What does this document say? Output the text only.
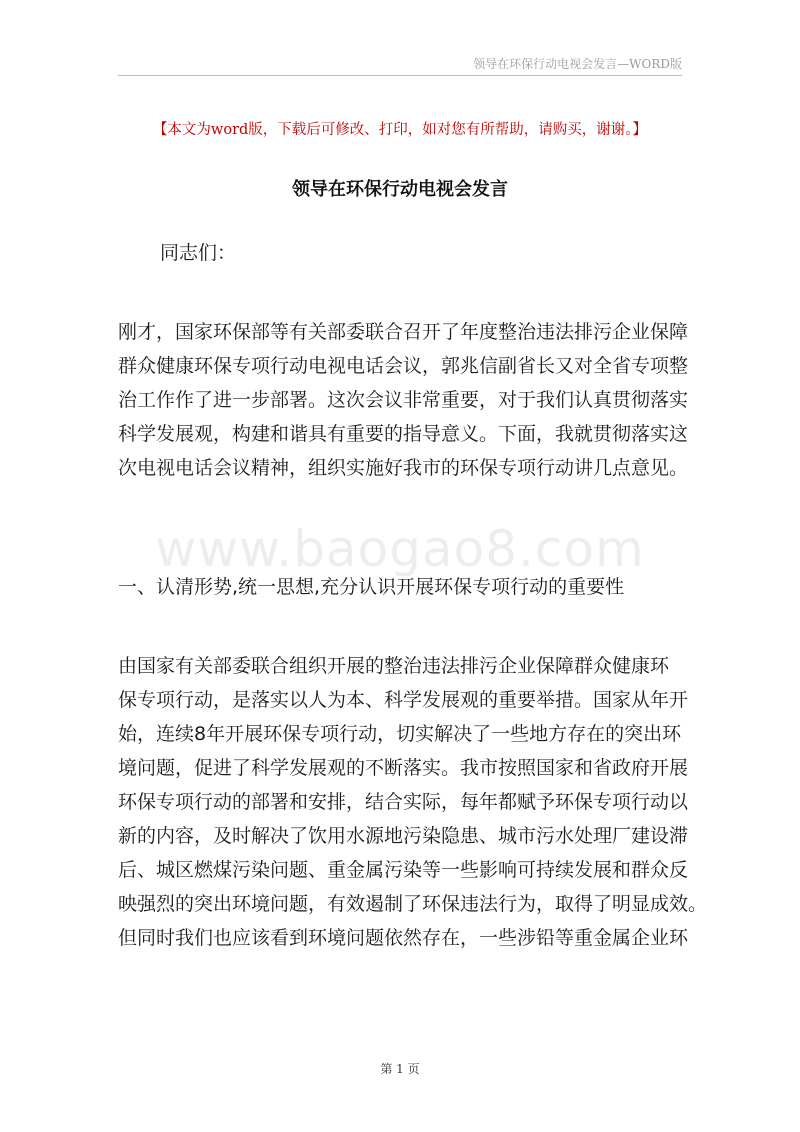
领导在环保行动电视会发言—WORD版
【本文为word版，下载后可修改、打印，如对您有所帮助，请购买，谢谢。】
领导在环保行动电视会发言
同志们：
刚才，国家环保部等有关部委联合召开了年度整治违法排污企业保障
群众健康环保专项行动电视电话会议，郭兆信副省长又对全省专项整
治工作作了进一步部署。这次会议非常重要，对于我们认真贯彻落实
科学发展观，构建和谐具有重要的指导意义。下面，我就贯彻落实这
次电视电话会议精神，组织实施好我市的环保专项行动讲几点意见。
www.baogao8.com
一、认清形势,统一思想,充分认识开展环保专项行动的重要性
由国家有关部委联合组织开展的整治违法排污企业保障群众健康环
保专项行动，是落实以人为本、科学发展观的重要举措。国家从年开
始，连续8年开展环保专项行动，切实解决了一些地方存在的突出环
境问题，促进了科学发展观的不断落实。我市按照国家和省政府开展
环保专项行动的部署和安排，结合实际，每年都赋予环保专项行动以
新的内容，及时解决了饮用水源地污染隐患、城市污水处理厂建设滞
后、城区燃煤污染问题、重金属污染等一些影响可持续发展和群众反
映强烈的突出环境问题，有效遏制了环保违法行为，取得了明显成效。
但同时我们也应该看到环境问题依然存在，一些涉铅等重金属企业环
第 1 页
